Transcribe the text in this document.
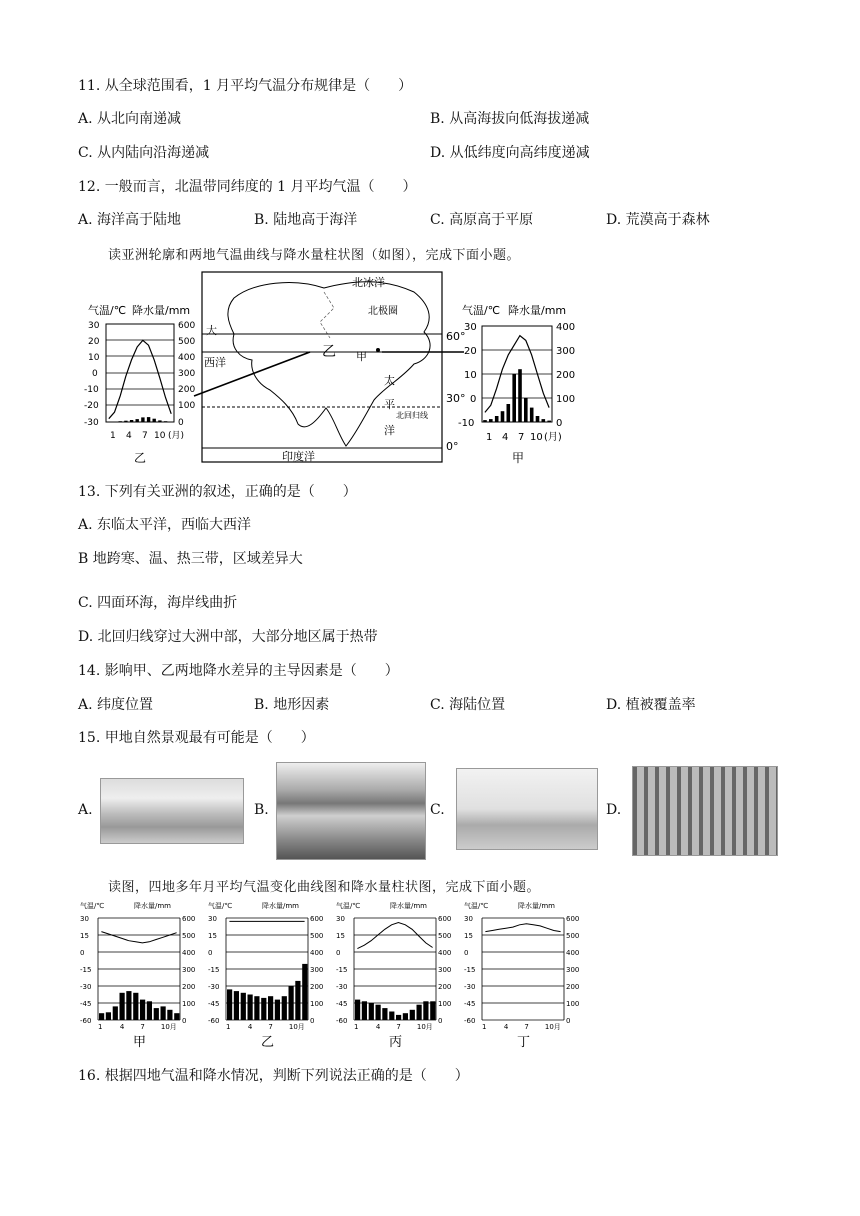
11. 从全球范围看，1 月平均气温分布规律是（　　）
A. 从北向南递减	B. 从高海拔向低海拔递减
C. 从内陆向沿海递减	D. 从低纬度向高纬度递减
12. 一般而言，北温带同纬度的 1 月平均气温（　　）
A. 海洋高于陆地	B. 陆地高于海洋	C. 高原高于平原	D. 荒漠高于森林
读亚洲轮廓和两地气温曲线与降水量柱状图（如图），完成下面小题。
气温/℃ 降水量/mm
30
20
10
0
-10
-20
-30
600
500
400
300
200
100
0
1 4 7 10 (月)
乙
北冰洋
北极圈
大
西洋
乙 甲
太
平
洋
北回归线
印度洋
60°
30°
0°
气温/℃ 降水量/mm
30
20
10
0
-10
400
300
200
100
0
1 4 7 10 (月)
甲
13. 下列有关亚洲的叙述，正确的是（　　）
A. 东临太平洋，西临大西洋
B 地跨寒、温、热三带，区域差异大
C. 四面环海，海岸线曲折
D. 北回归线穿过大洲中部，大部分地区属于热带
14. 影响甲、乙两地降水差异的主导因素是（　　）
A. 纬度位置	B. 地形因素	C. 海陆位置	D. 植被覆盖率
15. 甲地自然景观最有可能是（　　）
A.	B.	C.	D.
读图，四地多年月平均气温变化曲线图和降水量柱状图，完成下面小题。
气温/℃	降水量/mm
30	600
15	500
0	400
-15	300
-30	200
-45	100
-60	0
1 4 7 10月
甲
气温/℃	降水量/mm
30	600
15	500
0	400
-15	300
-30	200
-45	100
-60	0
1 4 7 10月
乙
气温/℃	降水量/mm
30	600
15	500
0	400
-15	300
-30	200
-45	100
-60	0
1 4 7 10月
丙
气温/℃	降水量/mm
30	600
15	500
0	400
-15	300
-30	200
-45	100
-60	0
1 4 7 10月
丁
16. 根据四地气温和降水情况，判断下列说法正确的是（　　）
